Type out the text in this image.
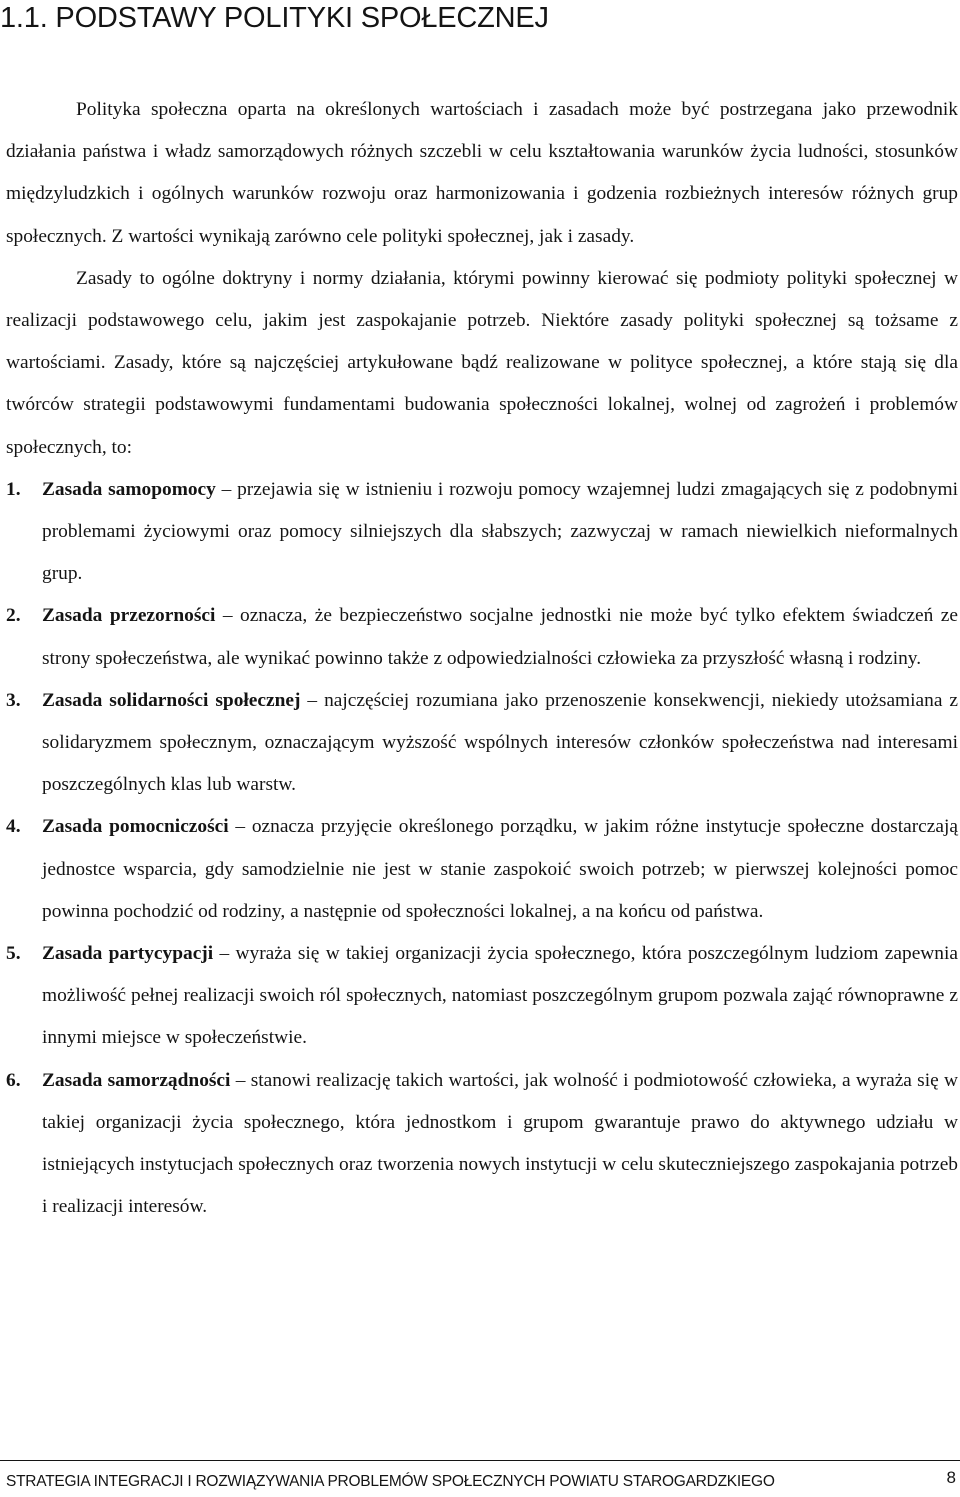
1.1. PODSTAWY POLITYKI SPOŁECZNEJ

Polityka społeczna oparta na określonych wartościach i zasadach może być postrzegana jako przewodnik działania państwa i władz samorządowych różnych szczebli w celu kształtowania warunków życia ludności, stosunków międzyludzkich i ogólnych warunków rozwoju oraz harmonizowania i godzenia rozbieżnych interesów różnych grup społecznych. Z wartości wynikają zarówno cele polityki społecznej, jak i zasady.

Zasady to ogólne doktryny i normy działania, którymi powinny kierować się podmioty polityki społecznej w realizacji podstawowego celu, jakim jest zaspokajanie potrzeb. Niektóre zasady polityki społecznej są tożsame z wartościami. Zasady, które są najczęściej artykułowane bądź realizowane w polityce społecznej, a które stają się dla twórców strategii podstawowymi fundamentami budowania społeczności lokalnej, wolnej od zagrożeń i problemów społecznych, to:

1. Zasada samopomocy – przejawia się w istnieniu i rozwoju pomocy wzajemnej ludzi zmagających się z podobnymi problemami życiowymi oraz pomocy silniejszych dla słabszych; zazwyczaj w ramach niewielkich nieformalnych grup.
2. Zasada przezorności – oznacza, że bezpieczeństwo socjalne jednostki nie może być tylko efektem świadczeń ze strony społeczeństwa, ale wynikać powinno także z odpowiedzialności człowieka za przyszłość własną i rodziny.
3. Zasada solidarności społecznej – najczęściej rozumiana jako przenoszenie konsekwencji, niekiedy utożsamiana z solidaryzmem społecznym, oznaczającym wyższość wspólnych interesów członków społeczeństwa nad interesami poszczególnych klas lub warstw.
4. Zasada pomocniczości – oznacza przyjęcie określonego porządku, w jakim różne instytucje społeczne dostarczają jednostce wsparcia, gdy samodzielnie nie jest w stanie zaspokoić swoich potrzeb; w pierwszej kolejności pomoc powinna pochodzić od rodziny, a następnie od społeczności lokalnej, a na końcu od państwa.
5. Zasada partycypacji – wyraża się w takiej organizacji życia społecznego, która poszczególnym ludziom zapewnia możliwość pełnej realizacji swoich ról społecznych, natomiast poszczególnym grupom pozwala zająć równoprawne z innymi miejsce w społeczeństwie.
6. Zasada samorządności – stanowi realizację takich wartości, jak wolność i podmiotowość człowieka, a wyraża się w takiej organizacji życia społecznego, która jednostkom i grupom gwarantuje prawo do aktywnego udziału w istniejących instytucjach społecznych oraz tworzenia nowych instytucji w celu skuteczniejszego zaspokajania potrzeb i realizacji interesów.
STRATEGIA INTEGRACJI I ROZWIĄZYWANIA PROBLEMÓW SPOŁECZNYCH POWIATU STAROGARDZKIEGO	8
